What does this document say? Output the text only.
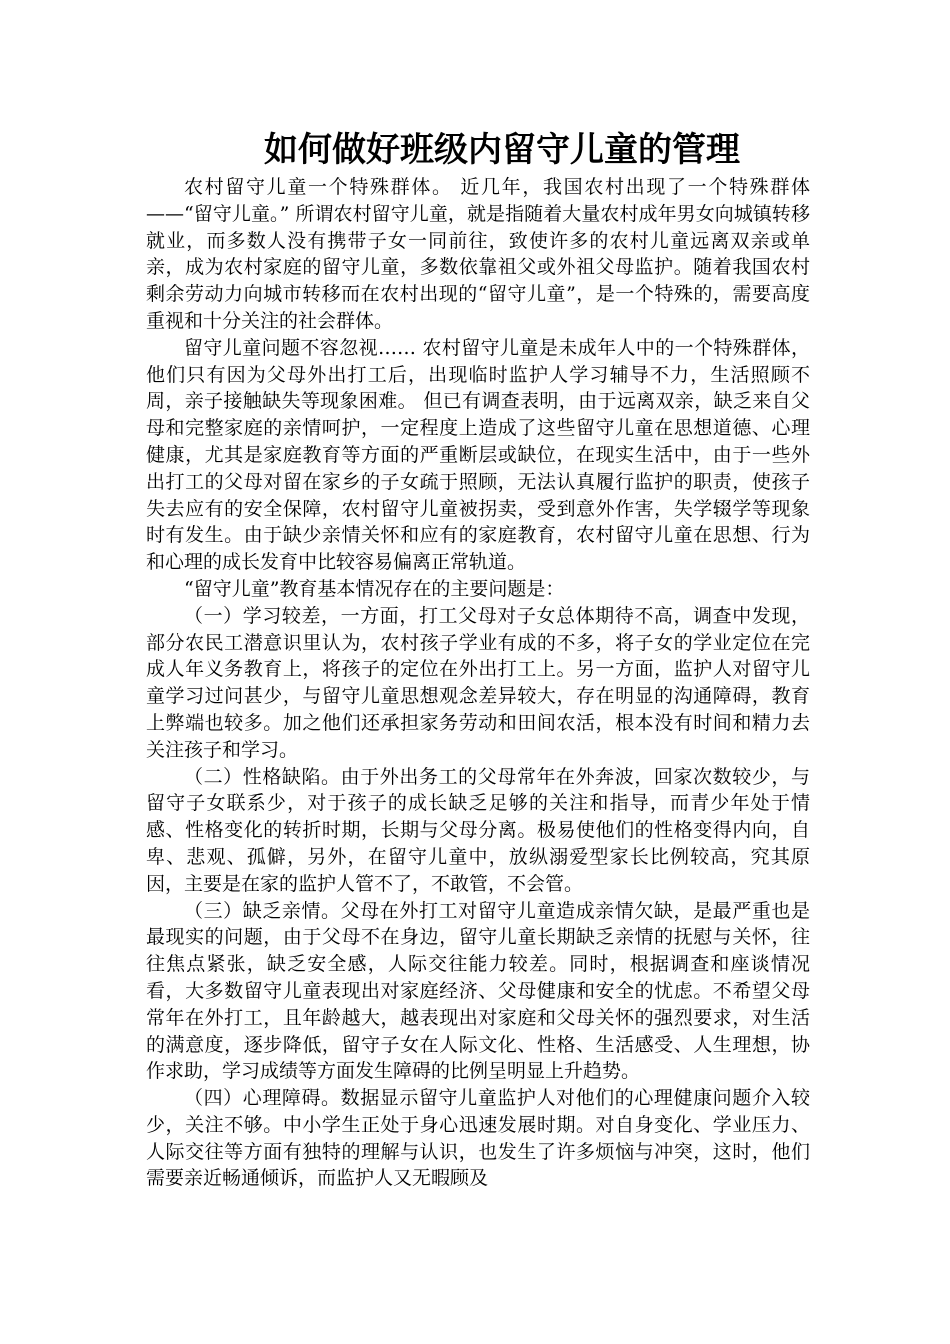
如何做好班级内留守儿童的管理

农村留守儿童一个特殊群体。 近几年，我国农村出现了一个特殊群体——“留守儿童。” 所谓农村留守儿童，就是指随着大量农村成年男女向城镇转移就业，而多数人没有携带子女一同前往，致使许多的农村儿童远离双亲或单亲，成为农村家庭的留守儿童，多数依靠祖父或外祖父母监护。随着我国农村剩余劳动力向城市转移而在农村出现的“留守儿童”，是一个特殊的，需要高度重视和十分关注的社会群体。

留守儿童问题不容忽视…… 农村留守儿童是未成年人中的一个特殊群体，他们只有因为父母外出打工后，出现临时监护人学习辅导不力，生活照顾不周，亲子接触缺失等现象困难。 但已有调查表明，由于远离双亲，缺乏来自父母和完整家庭的亲情呵护，一定程度上造成了这些留守儿童在思想道德、心理健康，尤其是家庭教育等方面的严重断层或缺位，在现实生活中，由于一些外出打工的父母对留在家乡的子女疏于照顾，无法认真履行监护的职责，使孩子失去应有的安全保障，农村留守儿童被拐卖，受到意外作害，失学辍学等现象时有发生。由于缺少亲情关怀和应有的家庭教育，农村留守儿童在思想、行为和心理的成长发育中比较容易偏离正常轨道。

“留守儿童”教育基本情况存在的主要问题是：

（一）学习较差，一方面，打工父母对子女总体期待不高，调查中发现，部分农民工潜意识里认为，农村孩子学业有成的不多，将子女的学业定位在完成人年义务教育上，将孩子的定位在外出打工上。另一方面，监护人对留守儿童学习过问甚少，与留守儿童思想观念差异较大，存在明显的沟通障碍，教育上弊端也较多。加之他们还承担家务劳动和田间农活，根本没有时间和精力去关注孩子和学习。

（二）性格缺陷。由于外出务工的父母常年在外奔波，回家次数较少，与留守子女联系少，对于孩子的成长缺乏足够的关注和指导，而青少年处于情感、性格变化的转折时期，长期与父母分离。极易使他们的性格变得内向，自卑、悲观、孤僻，另外，在留守儿童中，放纵溺爱型家长比例较高，究其原因，主要是在家的监护人管不了，不敢管，不会管。

（三）缺乏亲情。父母在外打工对留守儿童造成亲情欠缺，是最严重也是最现实的问题，由于父母不在身边，留守儿童长期缺乏亲情的抚慰与关怀，往往焦点紧张，缺乏安全感，人际交往能力较差。同时，根据调查和座谈情况看，大多数留守儿童表现出对家庭经济、父母健康和安全的忧虑。不希望父母常年在外打工，且年龄越大，越表现出对家庭和父母关怀的强烈要求，对生活的满意度，逐步降低，留守子女在人际文化、性格、生活感受、人生理想，协作求助，学习成绩等方面发生障碍的比例呈明显上升趋势。

（四）心理障碍。数据显示留守儿童监护人对他们的心理健康问题介入较少，关注不够。中小学生正处于身心迅速发展时期。对自身变化、学业压力、人际交往等方面有独特的理解与认识，也发生了许多烦恼与冲突，这时，他们需要亲近畅通倾诉，而监护人又无暇顾及
